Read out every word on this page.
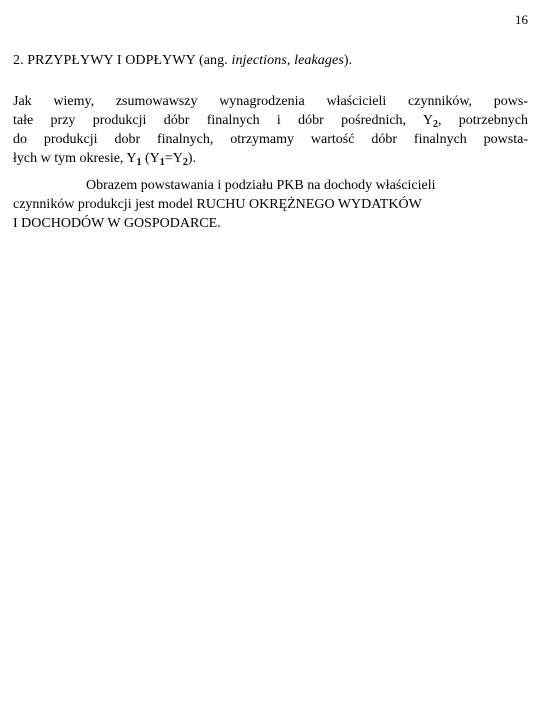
16
2. PRZYPŁYWY I ODPŁYWY (ang. injections, leakages).
Jak wiemy, zsumowawszy wynagrodzenia właścicieli czynników, pows-
tałe przy produkcji dóbr finalnych i dóbr pośrednich, $Y_2$, potrzebnych
do produkcji dobr finalnych, otrzymamy wartość dóbr finalnych powsta-
łych w tym okresie, $Y_1$ $(Y_1=Y_2)$.
Obrazem powstawania i podziału PKB na dochody właścicieli
czynników produkcji jest model RUCHU OKRĘŻNEGO WYDATKÓW
I DOCHODÓW W GOSPODARCE.
